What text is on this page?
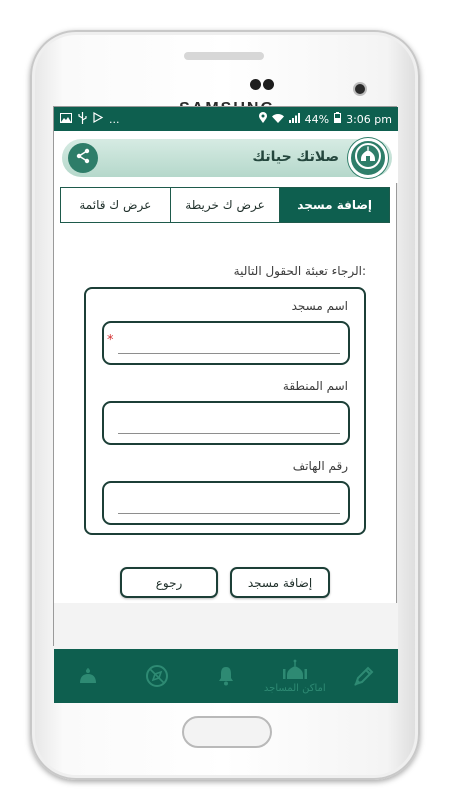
...	44% 3:06 pm
صلاتك حياتك
عرض ك قائمة	عرض ك خريطة	إضافة مسجد
الرجاء تعبئة الحقول التالية:
اسم مسجد
*
اسم المنطقة
رقم الهاتف
رجوع	إضافة مسجد
اماكن المساجد
